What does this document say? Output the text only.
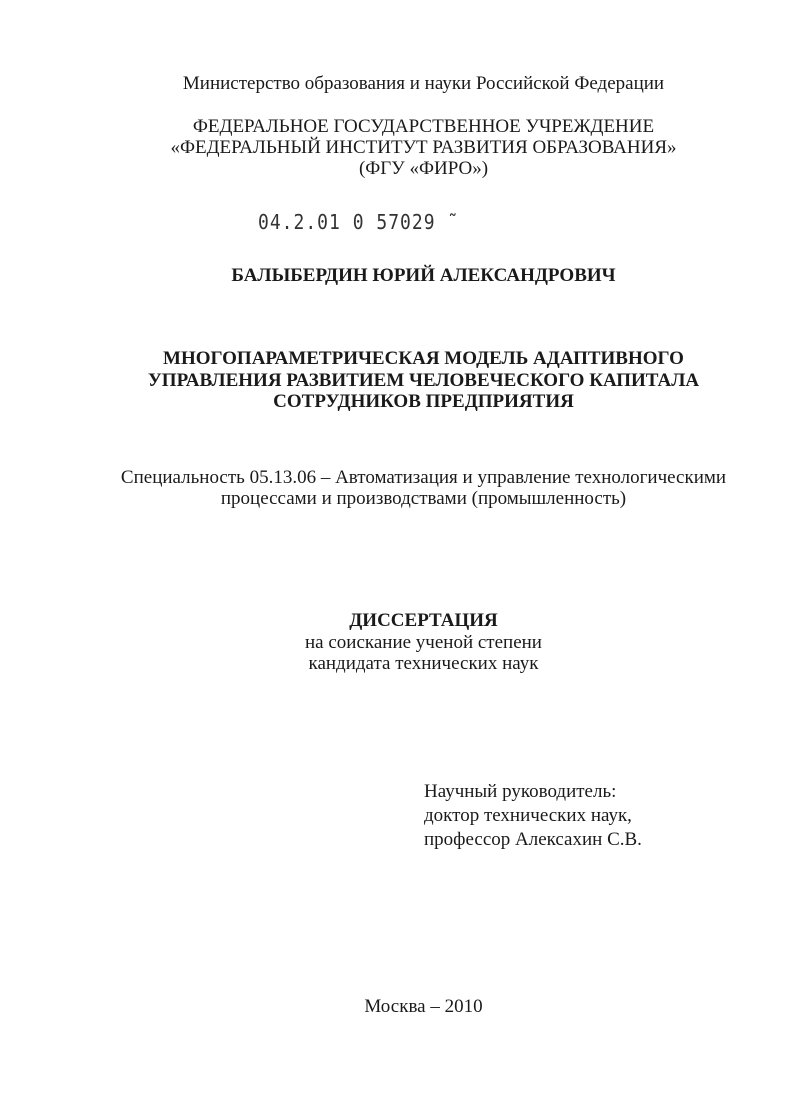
Министерство образования и науки Российской Федерации
ФЕДЕРАЛЬНОЕ ГОСУДАРСТВЕННОЕ УЧРЕЖДЕНИЕ
«ФЕДЕРАЛЬНЫЙ ИНСТИТУТ РАЗВИТИЯ ОБРАЗОВАНИЯ»
(ФГУ «ФИРО»)
04.2.01 0 57029 ˜
БАЛЫБЕРДИН ЮРИЙ АЛЕКСАНДРОВИЧ
МНОГОПАРАМЕТРИЧЕСКАЯ МОДЕЛЬ АДАПТИВНОГО
УПРАВЛЕНИЯ РАЗВИТИЕМ ЧЕЛОВЕЧЕСКОГО КАПИТАЛА
СОТРУДНИКОВ ПРЕДПРИЯТИЯ
Специальность 05.13.06 – Автоматизация и управление технологическими
процессами и производствами (промышленность)
ДИССЕРТАЦИЯ
на соискание ученой степени
кандидата технических наук
Научный руководитель:
доктор технических наук,
профессор Алексахин С.В.
Москва – 2010
